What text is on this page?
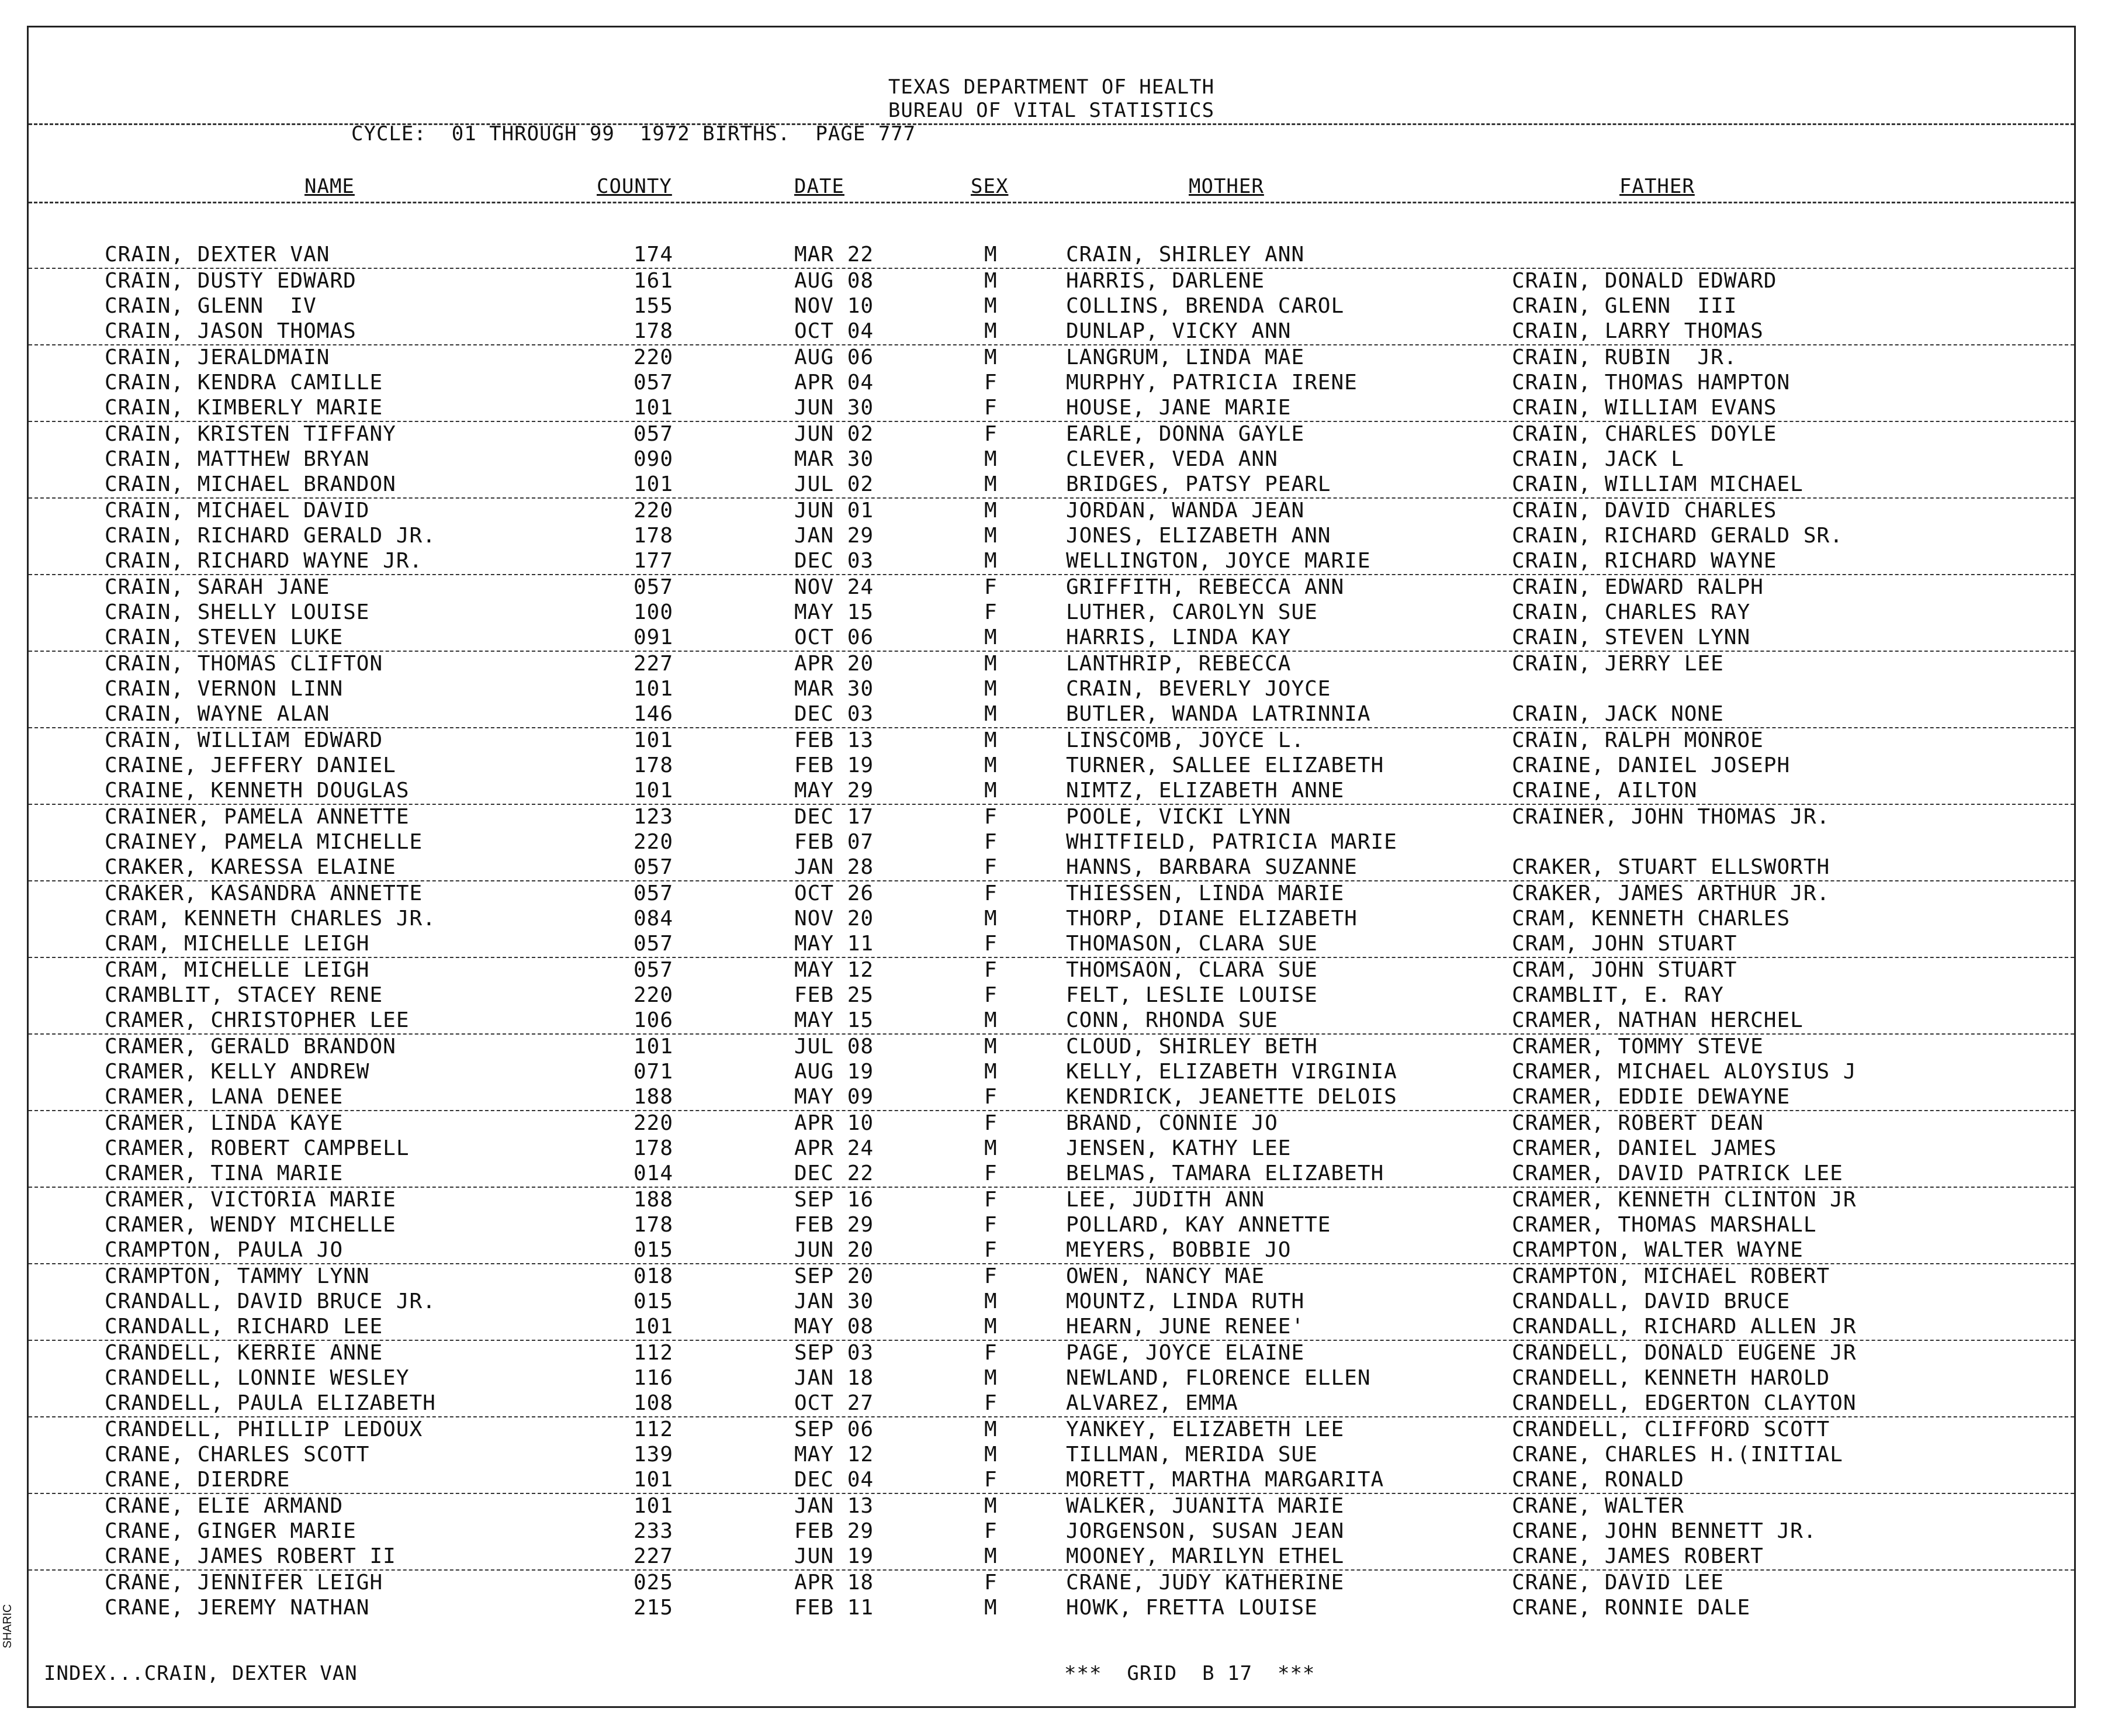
TEXAS DEPARTMENT OF HEALTH
BUREAU OF VITAL STATISTICS
CYCLE:  01 THROUGH 99  1972 BIRTHS.  PAGE 777
NAME	COUNTY	DATE	SEX	MOTHER	FATHER
CRAIN, DEXTER VAN	174	MAR 22	M	CRAIN, SHIRLEY ANN
CRAIN, DUSTY EDWARD	161	AUG 08	M	HARRIS, DARLENE	CRAIN, DONALD EDWARD
CRAIN, GLENN  IV	155	NOV 10	M	COLLINS, BRENDA CAROL	CRAIN, GLENN  III
CRAIN, JASON THOMAS	178	OCT 04	M	DUNLAP, VICKY ANN	CRAIN, LARRY THOMAS
CRAIN, JERALDMAIN	220	AUG 06	M	LANGRUM, LINDA MAE	CRAIN, RUBIN  JR.
CRAIN, KENDRA CAMILLE	057	APR 04	F	MURPHY, PATRICIA IRENE	CRAIN, THOMAS HAMPTON
CRAIN, KIMBERLY MARIE	101	JUN 30	F	HOUSE, JANE MARIE	CRAIN, WILLIAM EVANS
CRAIN, KRISTEN TIFFANY	057	JUN 02	F	EARLE, DONNA GAYLE	CRAIN, CHARLES DOYLE
CRAIN, MATTHEW BRYAN	090	MAR 30	M	CLEVER, VEDA ANN	CRAIN, JACK L
CRAIN, MICHAEL BRANDON	101	JUL 02	M	BRIDGES, PATSY PEARL	CRAIN, WILLIAM MICHAEL
CRAIN, MICHAEL DAVID	220	JUN 01	M	JORDAN, WANDA JEAN	CRAIN, DAVID CHARLES
CRAIN, RICHARD GERALD JR.	178	JAN 29	M	JONES, ELIZABETH ANN	CRAIN, RICHARD GERALD SR.
CRAIN, RICHARD WAYNE JR.	177	DEC 03	M	WELLINGTON, JOYCE MARIE	CRAIN, RICHARD WAYNE
CRAIN, SARAH JANE	057	NOV 24	F	GRIFFITH, REBECCA ANN	CRAIN, EDWARD RALPH
CRAIN, SHELLY LOUISE	100	MAY 15	F	LUTHER, CAROLYN SUE	CRAIN, CHARLES RAY
CRAIN, STEVEN LUKE	091	OCT 06	M	HARRIS, LINDA KAY	CRAIN, STEVEN LYNN
CRAIN, THOMAS CLIFTON	227	APR 20	M	LANTHRIP, REBECCA	CRAIN, JERRY LEE
CRAIN, VERNON LINN	101	MAR 30	M	CRAIN, BEVERLY JOYCE
CRAIN, WAYNE ALAN	146	DEC 03	M	BUTLER, WANDA LATRINNIA	CRAIN, JACK NONE
CRAIN, WILLIAM EDWARD	101	FEB 13	M	LINSCOMB, JOYCE L.	CRAIN, RALPH MONROE
CRAINE, JEFFERY DANIEL	178	FEB 19	M	TURNER, SALLEE ELIZABETH	CRAINE, DANIEL JOSEPH
CRAINE, KENNETH DOUGLAS	101	MAY 29	M	NIMTZ, ELIZABETH ANNE	CRAINE, AILTON
CRAINER, PAMELA ANNETTE	123	DEC 17	F	POOLE, VICKI LYNN	CRAINER, JOHN THOMAS JR.
CRAINEY, PAMELA MICHELLE	220	FEB 07	F	WHITFIELD, PATRICIA MARIE
CRAKER, KARESSA ELAINE	057	JAN 28	F	HANNS, BARBARA SUZANNE	CRAKER, STUART ELLSWORTH
CRAKER, KASANDRA ANNETTE	057	OCT 26	F	THIESSEN, LINDA MARIE	CRAKER, JAMES ARTHUR JR.
CRAM, KENNETH CHARLES JR.	084	NOV 20	M	THORP, DIANE ELIZABETH	CRAM, KENNETH CHARLES
CRAM, MICHELLE LEIGH	057	MAY 11	F	THOMASON, CLARA SUE	CRAM, JOHN STUART
CRAM, MICHELLE LEIGH	057	MAY 12	F	THOMSAON, CLARA SUE	CRAM, JOHN STUART
CRAMBLIT, STACEY RENE	220	FEB 25	F	FELT, LESLIE LOUISE	CRAMBLIT, E. RAY
CRAMER, CHRISTOPHER LEE	106	MAY 15	M	CONN, RHONDA SUE	CRAMER, NATHAN HERCHEL
CRAMER, GERALD BRANDON	101	JUL 08	M	CLOUD, SHIRLEY BETH	CRAMER, TOMMY STEVE
CRAMER, KELLY ANDREW	071	AUG 19	M	KELLY, ELIZABETH VIRGINIA	CRAMER, MICHAEL ALOYSIUS J
CRAMER, LANA DENEE	188	MAY 09	F	KENDRICK, JEANETTE DELOIS	CRAMER, EDDIE DEWAYNE
CRAMER, LINDA KAYE	220	APR 10	F	BRAND, CONNIE JO	CRAMER, ROBERT DEAN
CRAMER, ROBERT CAMPBELL	178	APR 24	M	JENSEN, KATHY LEE	CRAMER, DANIEL JAMES
CRAMER, TINA MARIE	014	DEC 22	F	BELMAS, TAMARA ELIZABETH	CRAMER, DAVID PATRICK LEE
CRAMER, VICTORIA MARIE	188	SEP 16	F	LEE, JUDITH ANN	CRAMER, KENNETH CLINTON JR
CRAMER, WENDY MICHELLE	178	FEB 29	F	POLLARD, KAY ANNETTE	CRAMER, THOMAS MARSHALL
CRAMPTON, PAULA JO	015	JUN 20	F	MEYERS, BOBBIE JO	CRAMPTON, WALTER WAYNE
CRAMPTON, TAMMY LYNN	018	SEP 20	F	OWEN, NANCY MAE	CRAMPTON, MICHAEL ROBERT
CRANDALL, DAVID BRUCE JR.	015	JAN 30	M	MOUNTZ, LINDA RUTH	CRANDALL, DAVID BRUCE
CRANDALL, RICHARD LEE	101	MAY 08	M	HEARN, JUNE RENEE'	CRANDALL, RICHARD ALLEN JR
CRANDELL, KERRIE ANNE	112	SEP 03	F	PAGE, JOYCE ELAINE	CRANDELL, DONALD EUGENE JR
CRANDELL, LONNIE WESLEY	116	JAN 18	M	NEWLAND, FLORENCE ELLEN	CRANDELL, KENNETH HAROLD
CRANDELL, PAULA ELIZABETH	108	OCT 27	F	ALVAREZ, EMMA	CRANDELL, EDGERTON CLAYTON
CRANDELL, PHILLIP LEDOUX	112	SEP 06	M	YANKEY, ELIZABETH LEE	CRANDELL, CLIFFORD SCOTT
CRANE, CHARLES SCOTT	139	MAY 12	M	TILLMAN, MERIDA SUE	CRANE, CHARLES H.(INITIAL
CRANE, DIERDRE	101	DEC 04	F	MORETT, MARTHA MARGARITA	CRANE, RONALD
CRANE, ELIE ARMAND	101	JAN 13	M	WALKER, JUANITA MARIE	CRANE, WALTER
CRANE, GINGER MARIE	233	FEB 29	F	JORGENSON, SUSAN JEAN	CRANE, JOHN BENNETT JR.
CRANE, JAMES ROBERT II	227	JUN 19	M	MOONEY, MARILYN ETHEL	CRANE, JAMES ROBERT
CRANE, JENNIFER LEIGH	025	APR 18	F	CRANE, JUDY KATHERINE	CRANE, DAVID LEE
CRANE, JEREMY NATHAN	215	FEB 11	M	HOWK, FRETTA LOUISE	CRANE, RONNIE DALE
INDEX...CRAIN, DEXTER VAN	***  GRID  B 17  ***
SHARIC
